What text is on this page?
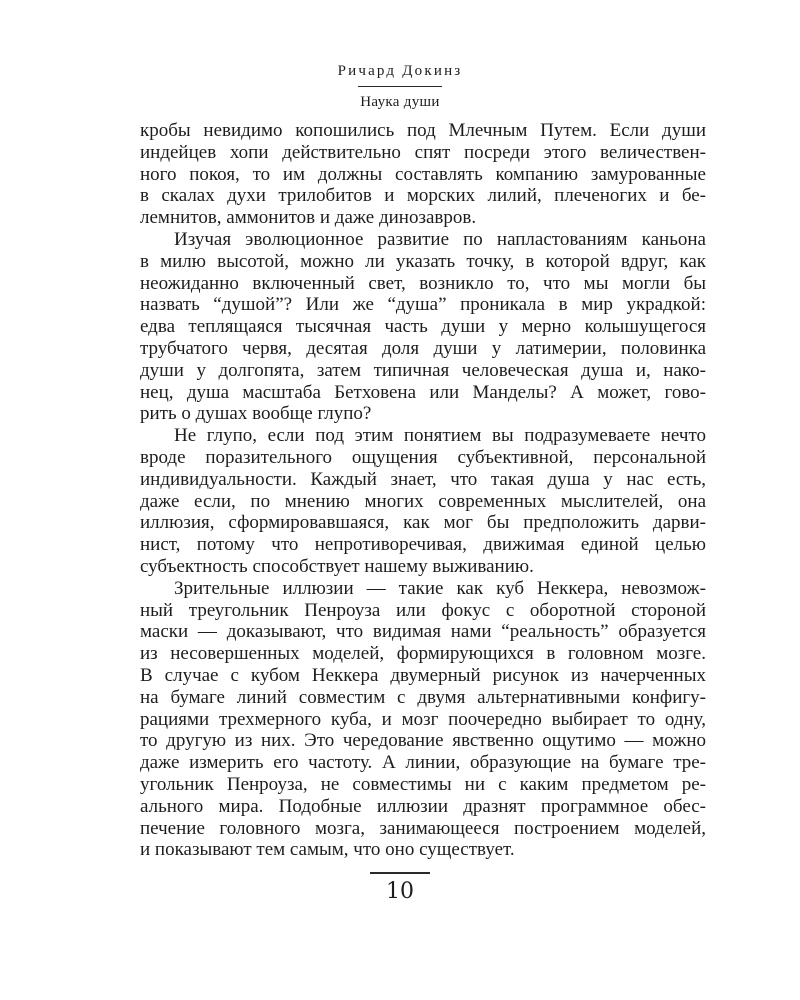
Ричард Докинз
Наука души
кробы невидимо копошились под Млечным Путем. Если души
индейцев хопи действительно спят посреди этого величествен-
ного покоя, то им должны составлять компанию замурованные
в скалах духи трилобитов и морских лилий, плеченогих и бе-
лемнитов, аммонитов и даже динозавров.
Изучая эволюционное развитие по напластованиям каньона
в милю высотой, можно ли указать точку, в которой вдруг, как
неожиданно включенный свет, возникло то, что мы могли бы
назвать “душой”? Или же “душа” проникала в мир украдкой:
едва теплящаяся тысячная часть души у мерно колышущегося
трубчатого червя, десятая доля души у латимерии, половинка
души у долгопята, затем типичная человеческая душа и, нако-
нец, душа масштаба Бетховена или Манделы? А может, гово-
рить о душах вообще глупо?
Не глупо, если под этим понятием вы подразумеваете нечто
вроде поразительного ощущения субъективной, персональной
индивидуальности. Каждый знает, что такая душа у нас есть,
даже если, по мнению многих современных мыслителей, она
иллюзия, сформировавшаяся, как мог бы предположить дарви-
нист, потому что непротиворечивая, движимая единой целью
субъектность способствует нашему выживанию.
Зрительные иллюзии — такие как куб Неккера, невозмож-
ный треугольник Пенроуза или фокус с оборотной стороной
маски — доказывают, что видимая нами “реальность” образуется
из несовершенных моделей, формирующихся в головном мозге.
В случае с кубом Неккера двумерный рисунок из начерченных
на бумаге линий совместим с двумя альтернативными конфигу-
рациями трехмерного куба, и мозг поочередно выбирает то одну,
то другую из них. Это чередование явственно ощутимо — можно
даже измерить его частоту. А линии, образующие на бумаге тре-
угольник Пенроуза, не совместимы ни с каким предметом ре-
ального мира. Подобные иллюзии дразнят программное обес-
печение головного мозга, занимающееся построением моделей,
и показывают тем самым, что оно существует.
10
